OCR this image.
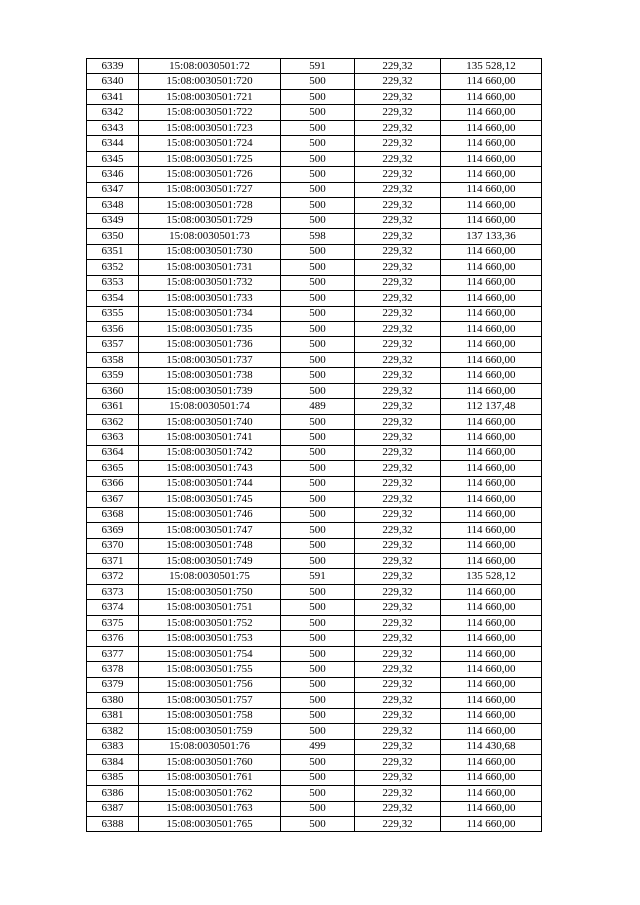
6339	15:08:0030501:72	591	229,32	135 528,12
6340	15:08:0030501:720	500	229,32	114 660,00
6341	15:08:0030501:721	500	229,32	114 660,00
6342	15:08:0030501:722	500	229,32	114 660,00
6343	15:08:0030501:723	500	229,32	114 660,00
6344	15:08:0030501:724	500	229,32	114 660,00
6345	15:08:0030501:725	500	229,32	114 660,00
6346	15:08:0030501:726	500	229,32	114 660,00
6347	15:08:0030501:727	500	229,32	114 660,00
6348	15:08:0030501:728	500	229,32	114 660,00
6349	15:08:0030501:729	500	229,32	114 660,00
6350	15:08:0030501:73	598	229,32	137 133,36
6351	15:08:0030501:730	500	229,32	114 660,00
6352	15:08:0030501:731	500	229,32	114 660,00
6353	15:08:0030501:732	500	229,32	114 660,00
6354	15:08:0030501:733	500	229,32	114 660,00
6355	15:08:0030501:734	500	229,32	114 660,00
6356	15:08:0030501:735	500	229,32	114 660,00
6357	15:08:0030501:736	500	229,32	114 660,00
6358	15:08:0030501:737	500	229,32	114 660,00
6359	15:08:0030501:738	500	229,32	114 660,00
6360	15:08:0030501:739	500	229,32	114 660,00
6361	15:08:0030501:74	489	229,32	112 137,48
6362	15:08:0030501:740	500	229,32	114 660,00
6363	15:08:0030501:741	500	229,32	114 660,00
6364	15:08:0030501:742	500	229,32	114 660,00
6365	15:08:0030501:743	500	229,32	114 660,00
6366	15:08:0030501:744	500	229,32	114 660,00
6367	15:08:0030501:745	500	229,32	114 660,00
6368	15:08:0030501:746	500	229,32	114 660,00
6369	15:08:0030501:747	500	229,32	114 660,00
6370	15:08:0030501:748	500	229,32	114 660,00
6371	15:08:0030501:749	500	229,32	114 660,00
6372	15:08:0030501:75	591	229,32	135 528,12
6373	15:08:0030501:750	500	229,32	114 660,00
6374	15:08:0030501:751	500	229,32	114 660,00
6375	15:08:0030501:752	500	229,32	114 660,00
6376	15:08:0030501:753	500	229,32	114 660,00
6377	15:08:0030501:754	500	229,32	114 660,00
6378	15:08:0030501:755	500	229,32	114 660,00
6379	15:08:0030501:756	500	229,32	114 660,00
6380	15:08:0030501:757	500	229,32	114 660,00
6381	15:08:0030501:758	500	229,32	114 660,00
6382	15:08:0030501:759	500	229,32	114 660,00
6383	15:08:0030501:76	499	229,32	114 430,68
6384	15:08:0030501:760	500	229,32	114 660,00
6385	15:08:0030501:761	500	229,32	114 660,00
6386	15:08:0030501:762	500	229,32	114 660,00
6387	15:08:0030501:763	500	229,32	114 660,00
6388	15:08:0030501:765	500	229,32	114 660,00
